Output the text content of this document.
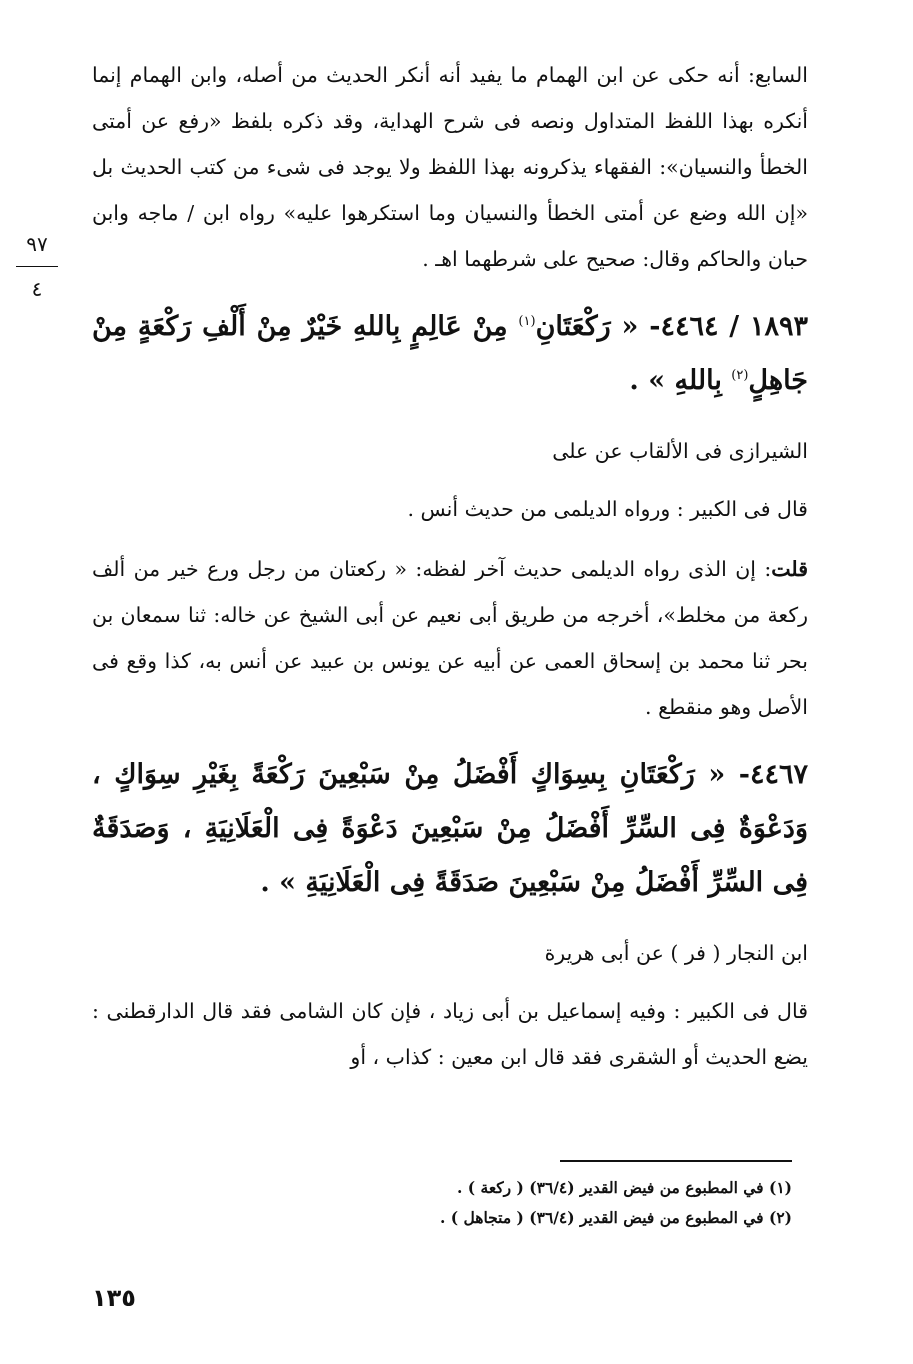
٩٧
٤

السابع: أنه حكى عن ابن الهمام ما يفيد أنه أنكر الحديث من أصله، وابن الهمام إنما أنكره بهذا اللفظ المتداول ونصه فى شرح الهداية، وقد ذكره بلفظ «رفع عن أمتى الخطأ والنسيان»: الفقهاء يذكرونه بهذا اللفظ ولا يوجد فى شىء من كتب الحديث بل «إن الله وضع عن أمتى الخطأ والنسيان وما استكرهوا عليه» رواه ابن / ماجه وابن حبان والحاكم وقال: صحيح على شرطهما اهـ .

١٨٩٣ / ٤٤٦٤- « رَكْعَتَانِ$^{(١)}$ مِنْ عَالِمٍ بِاللهِ خَيْرٌ مِنْ أَلْفِ رَكْعَةٍ مِنْ جَاهِلٍ$^{(٢)}$ بِاللهِ » .

الشيرازى فى الألقاب عن على

قال فى الكبير : ورواه الديلمى من حديث أنس .

قلت: إن الذى رواه الديلمى حديث آخر لفظه: « ركعتان من رجل ورع خير من ألف ركعة من مخلط»، أخرجه من طريق أبى نعيم عن أبى الشيخ عن خاله: ثنا سمعان بن بحر ثنا محمد بن إسحاق العمى عن أبيه عن يونس بن عبيد عن أنس به، كذا وقع فى الأصل وهو منقطع .

٤٤٦٧- « رَكْعَتَانِ بِسِوَاكٍ أَفْضَلُ مِنْ سَبْعِينَ رَكْعَةً بِغَيْرِ سِوَاكٍ ، وَدَعْوَةٌ فِى السِّرِّ أَفْضَلُ مِنْ سَبْعِينَ دَعْوَةً فِى الْعَلَانِيَةِ ، وَصَدَقَةٌ فِى السِّرِّ أَفْضَلُ مِنْ سَبْعِينَ صَدَقَةً فِى الْعَلَانِيَةِ » .

ابن النجار ( فر ) عن أبى هريرة

قال فى الكبير : وفيه إسماعيل بن أبى زياد ، فإن كان الشامى فقد قال الدارقطنى : يضع الحديث أو الشقرى فقد قال ابن معين : كذاب ، أو

(١) في المطبوع من فيض القدير (٣٦/٤) ( ركعة ) .
(٢) في المطبوع من فيض القدير (٣٦/٤) ( متجاهل ) .
١٣٥
